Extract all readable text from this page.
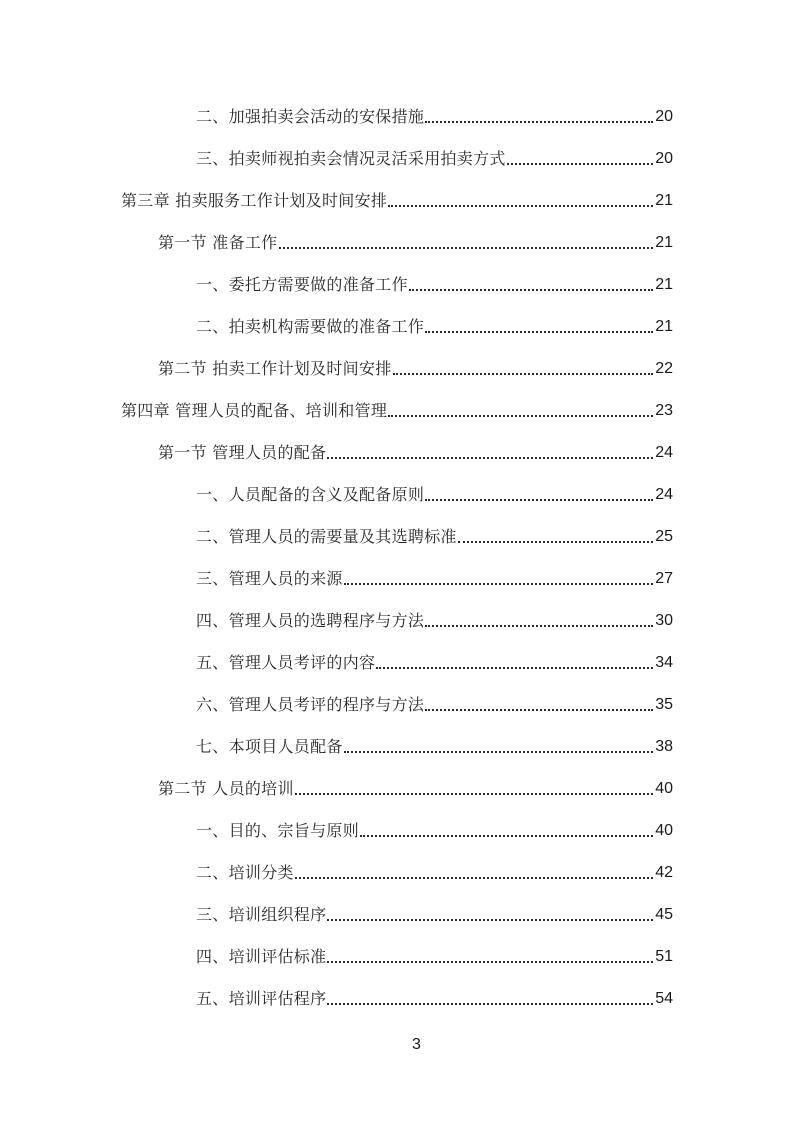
二、加强拍卖会活动的安保措施	20
三、拍卖师视拍卖会情况灵活采用拍卖方式	20
第三章 拍卖服务工作计划及时间安排	21
第一节 准备工作	21
一、委托方需要做的准备工作	21
二、拍卖机构需要做的准备工作	21
第二节 拍卖工作计划及时间安排	22
第四章 管理人员的配备、培训和管理	23
第一节 管理人员的配备	24
一、人员配备的含义及配备原则	24
二、管理人员的需要量及其选聘标准	25
三、管理人员的来源	27
四、管理人员的选聘程序与方法	30
五、管理人员考评的内容	34
六、管理人员考评的程序与方法	35
七、本项目人员配备	38
第二节 人员的培训	40
一、目的、宗旨与原则	40
二、培训分类	42
三、培训组织程序	45
四、培训评估标准	51
五、培训评估程序	54
3
